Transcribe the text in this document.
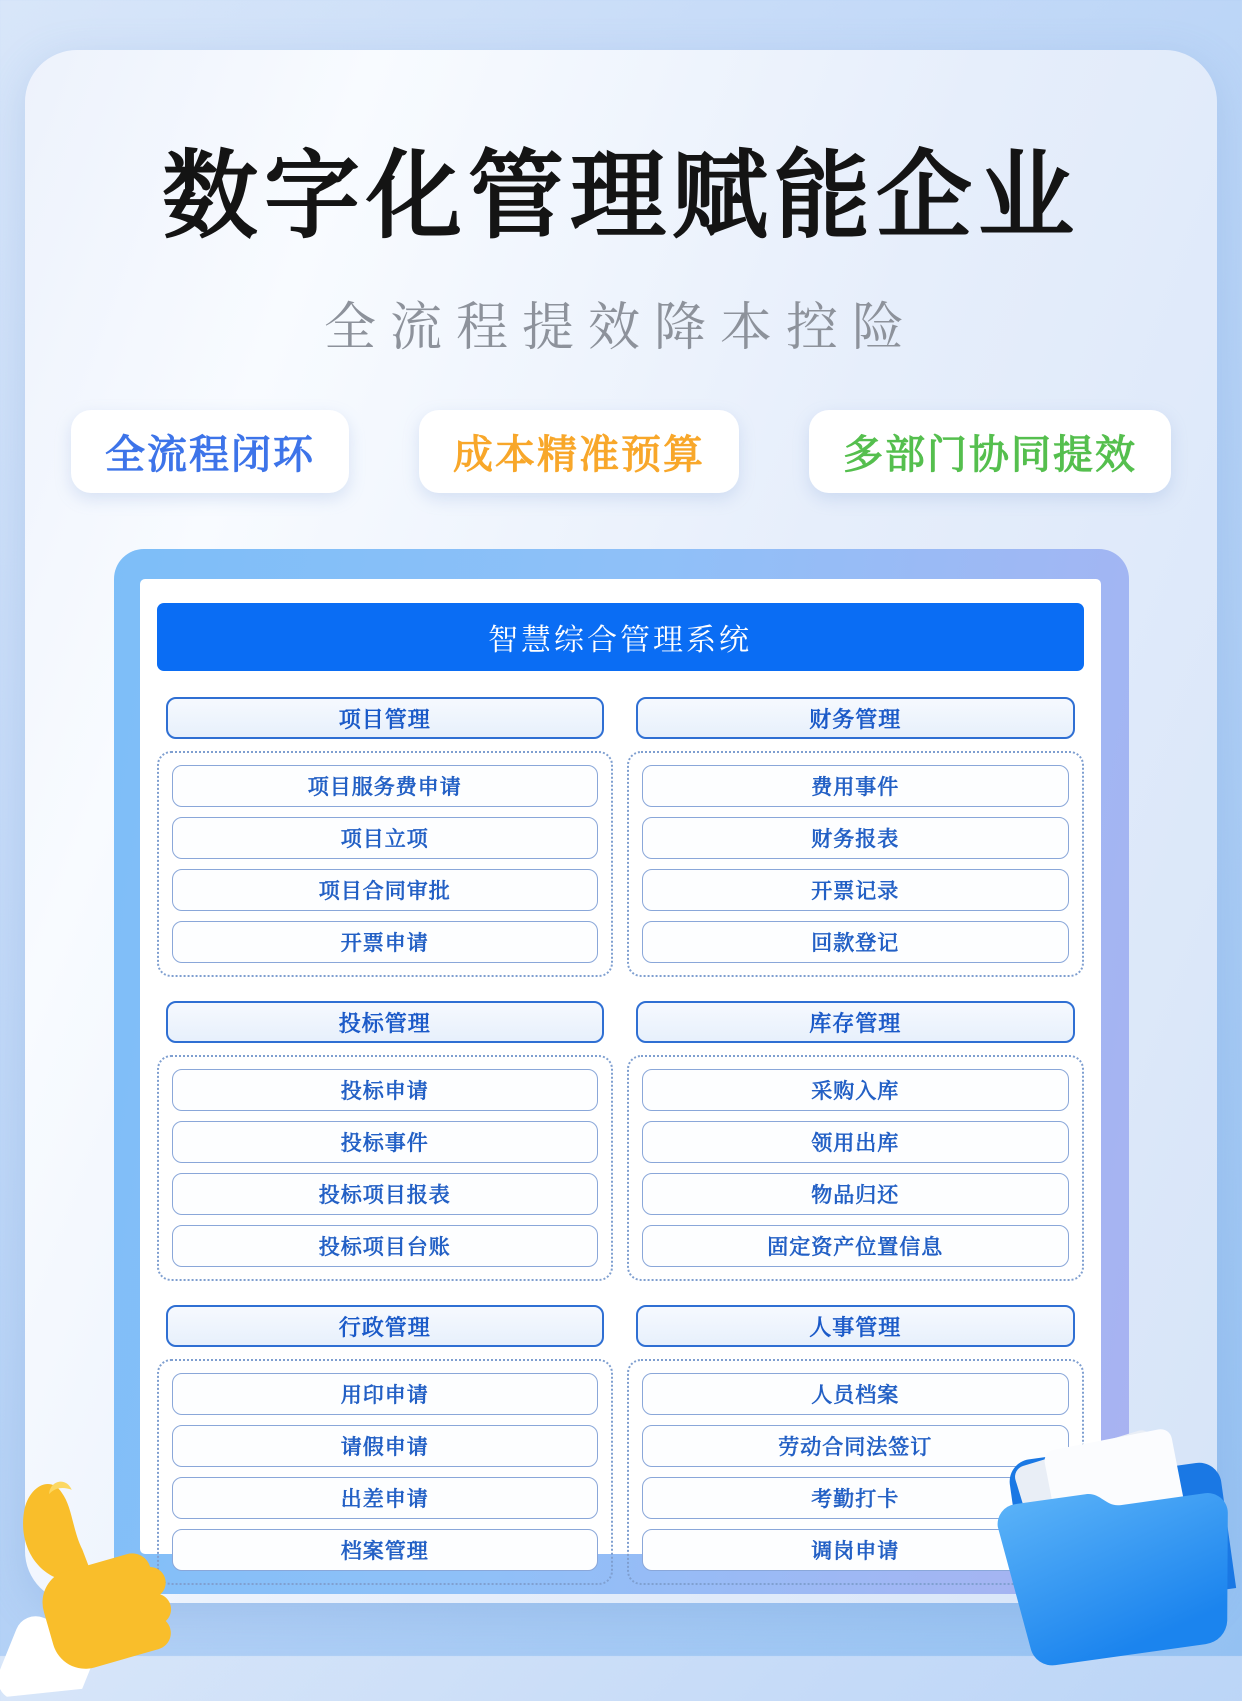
数字化管理赋能企业
全流程提效降本控险
全流程闭环	成本精准预算	多部门协同提效
智慧综合管理系统
项目管理
项目服务费申请
项目立项
项目合同审批
开票申请
财务管理
费用事件
财务报表
开票记录
回款登记
投标管理
投标申请
投标事件
投标项目报表
投标项目台账
库存管理
采购入库
领用出库
物品归还
固定资产位置信息
行政管理
用印申请
请假申请
出差申请
档案管理
人事管理
人员档案
劳动合同法签订
考勤打卡
调岗申请
